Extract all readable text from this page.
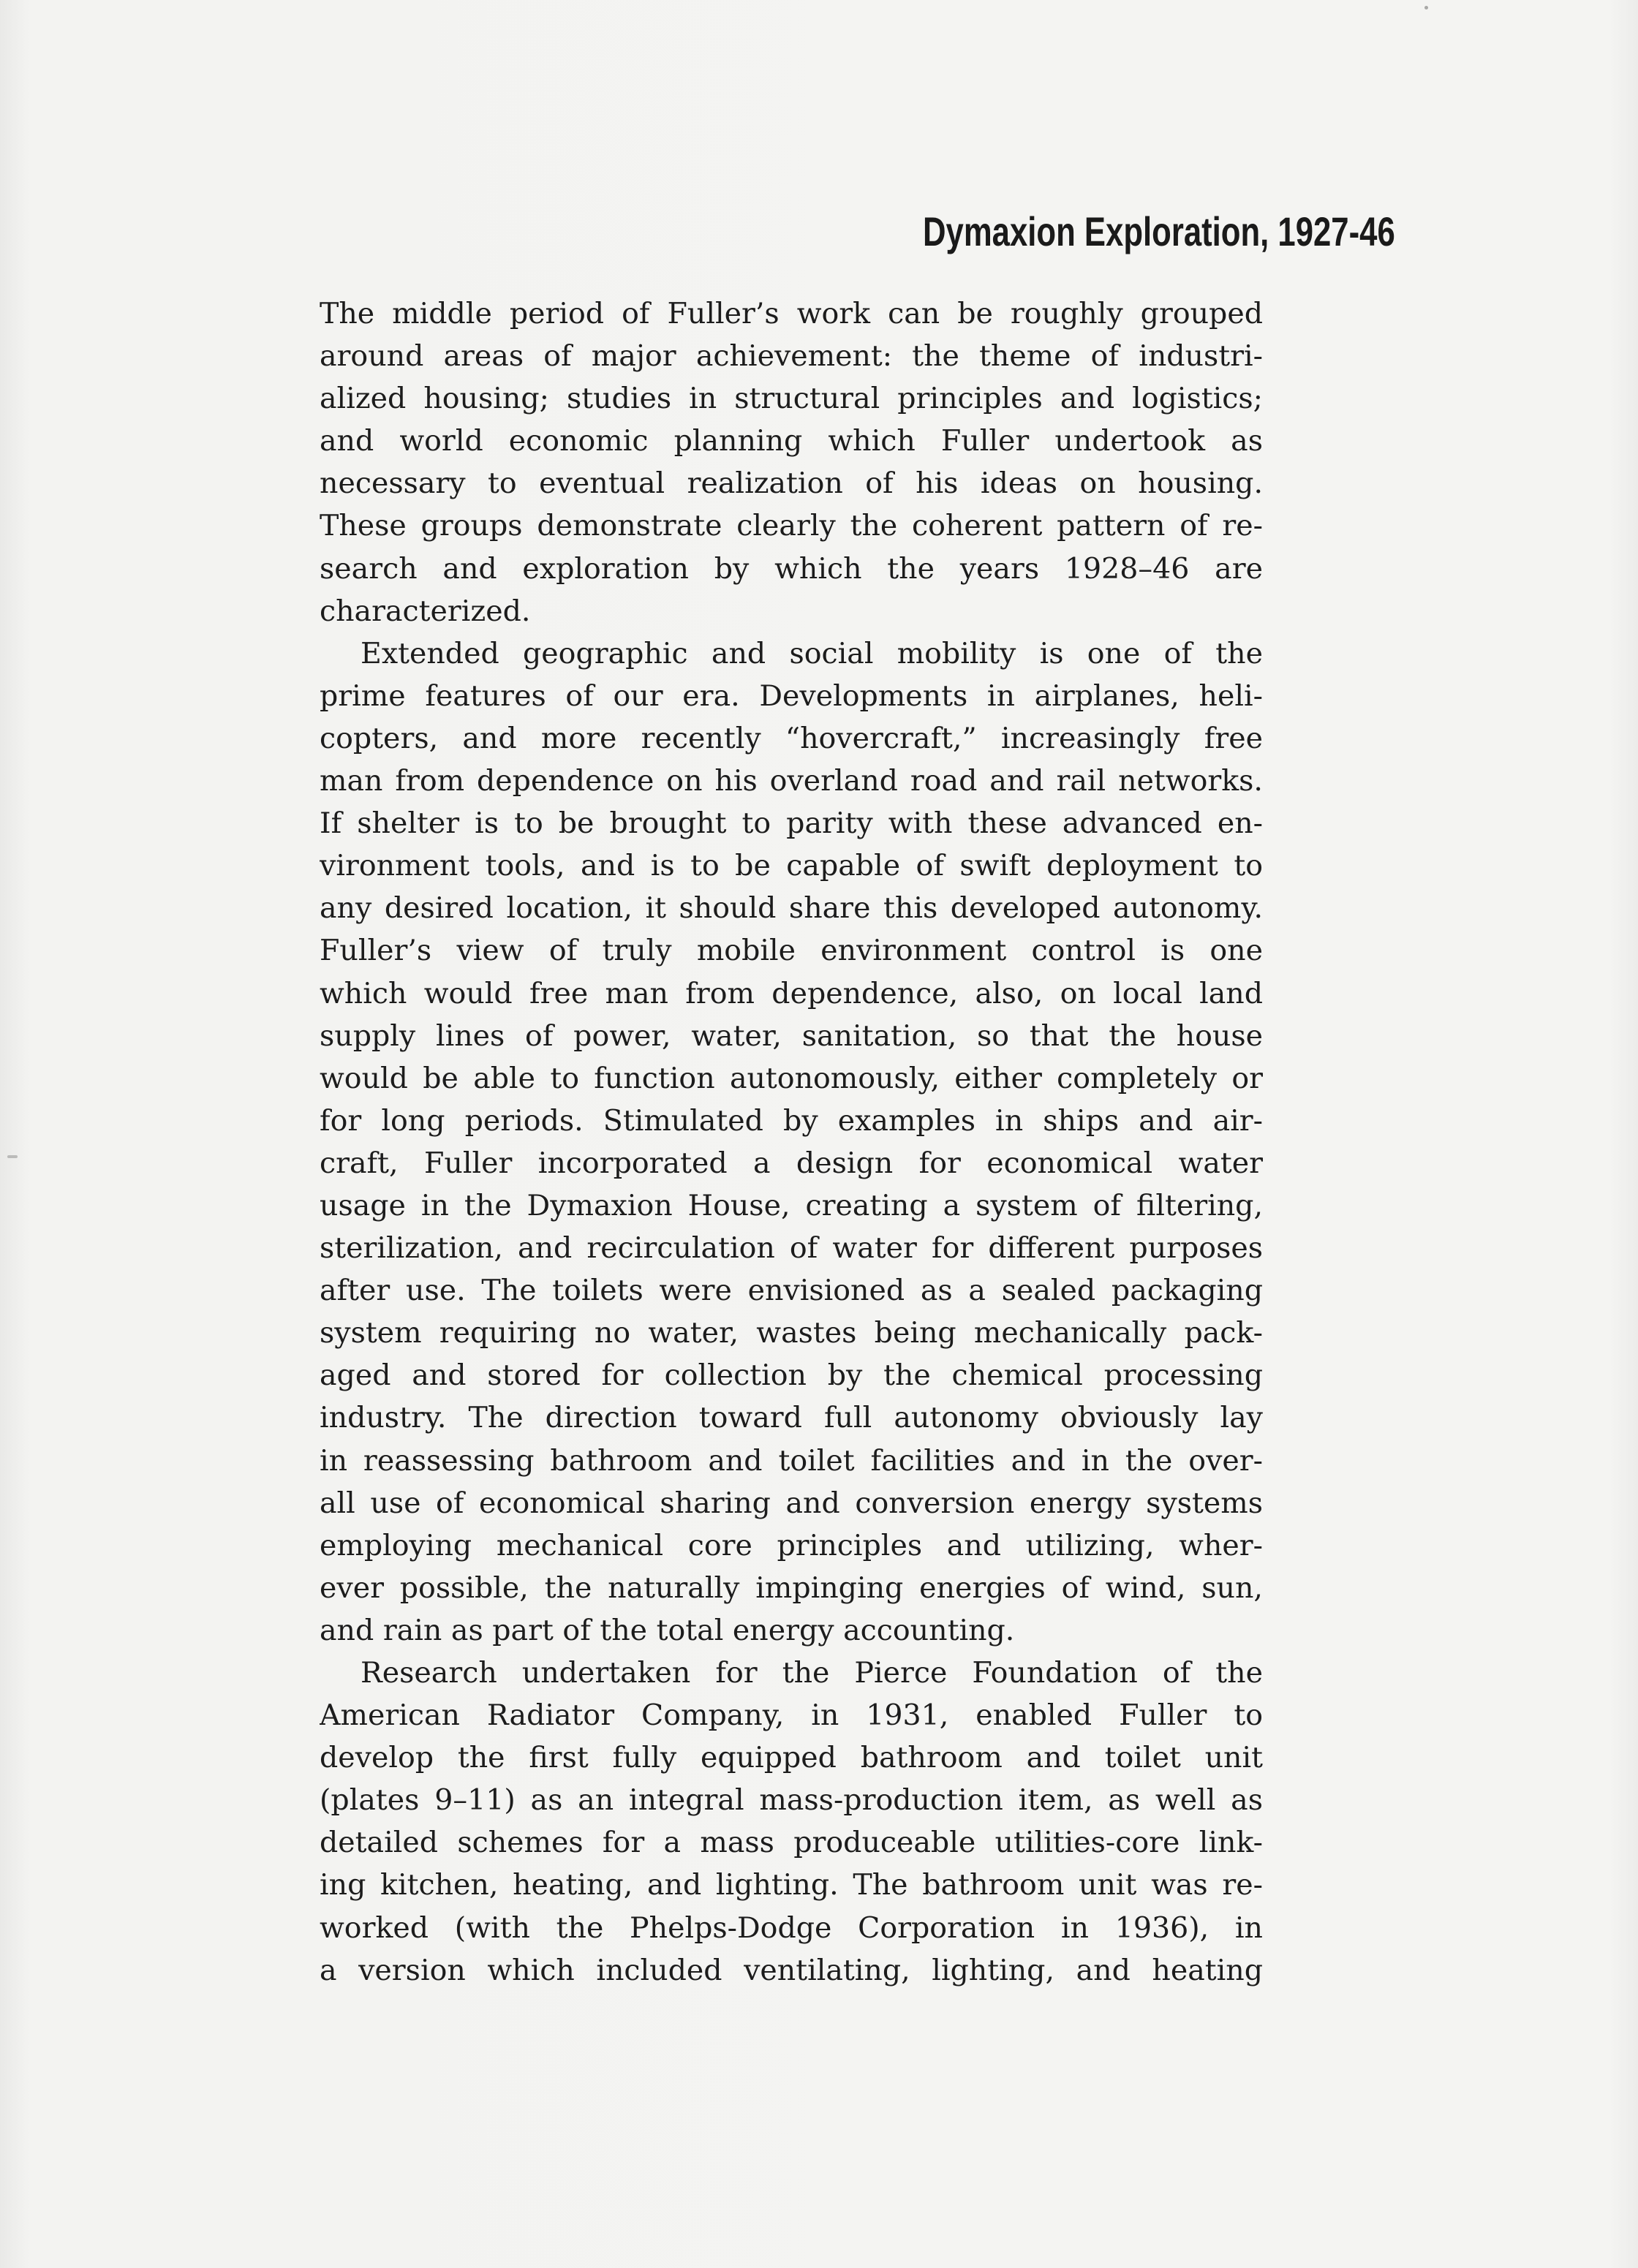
Dymaxion Exploration, 1927-46
The middle period of Fuller’s work can be roughly grouped
around areas of major achievement: the theme of industri-
alized housing; studies in structural principles and logistics;
and world economic planning which Fuller undertook as
necessary to eventual realization of his ideas on housing.
These groups demonstrate clearly the coherent pattern of re-
search and exploration by which the years 1928–46 are
characterized.
Extended geographic and social mobility is one of the
prime features of our era. Developments in airplanes, heli-
copters, and more recently “hovercraft,” increasingly free
man from dependence on his overland road and rail networks.
If shelter is to be brought to parity with these advanced en-
vironment tools, and is to be capable of swift deployment to
any desired location, it should share this developed autonomy.
Fuller’s view of truly mobile environment control is one
which would free man from dependence, also, on local land
supply lines of power, water, sanitation, so that the house
would be able to function autonomously, either completely or
for long periods. Stimulated by examples in ships and air-
craft, Fuller incorporated a design for economical water
usage in the Dymaxion House, creating a system of filtering,
sterilization, and recirculation of water for different purposes
after use. The toilets were envisioned as a sealed packaging
system requiring no water, wastes being mechanically pack-
aged and stored for collection by the chemical processing
industry. The direction toward full autonomy obviously lay
in reassessing bathroom and toilet facilities and in the over-
all use of economical sharing and conversion energy systems
employing mechanical core principles and utilizing, wher-
ever possible, the naturally impinging energies of wind, sun,
and rain as part of the total energy accounting.
Research undertaken for the Pierce Foundation of the
American Radiator Company, in 1931, enabled Fuller to
develop the first fully equipped bathroom and toilet unit
(plates 9–11) as an integral mass-production item, as well as
detailed schemes for a mass produceable utilities-core link-
ing kitchen, heating, and lighting. The bathroom unit was re-
worked (with the Phelps-Dodge Corporation in 1936), in
a version which included ventilating, lighting, and heating
